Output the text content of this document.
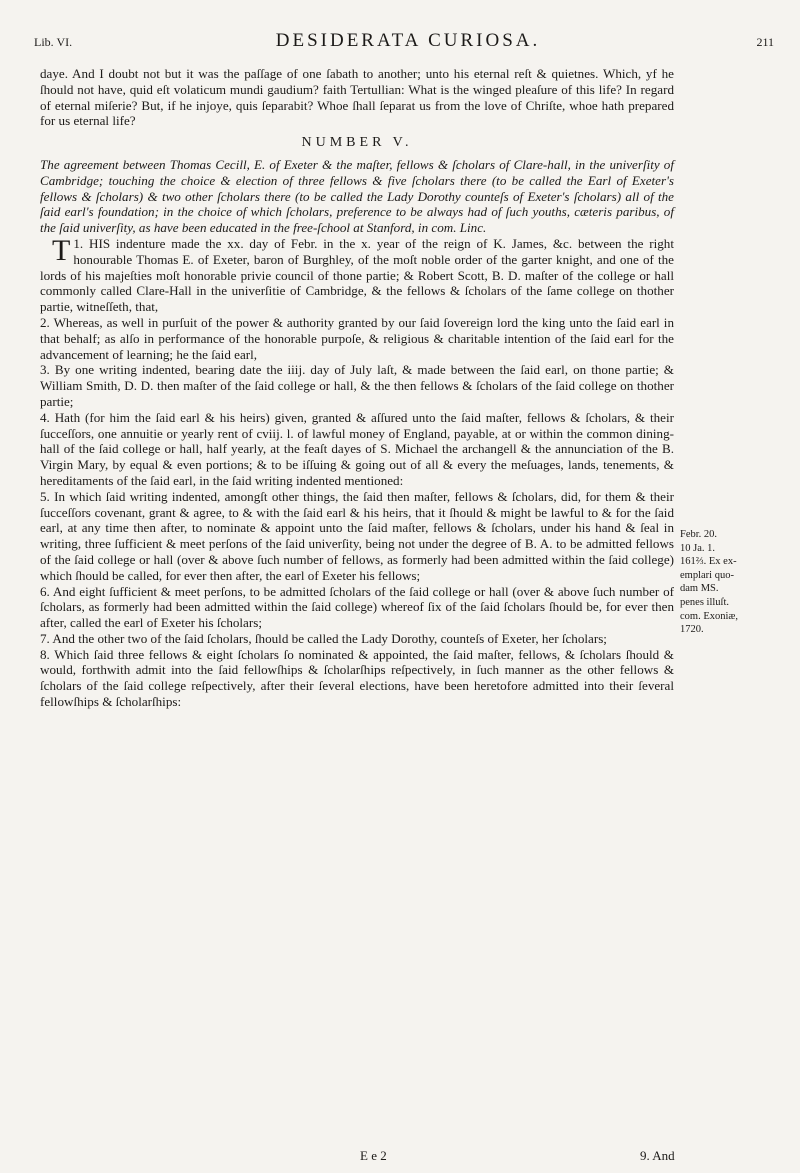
Lib. VI.	DESIDERATA CURIOSA.	211

daye. And I doubt not but it was the paſſage of one ſabath to another; unto his eternal reſt & quietnes. Which, yf he ſhould not have, quid eſt volaticum mundi gaudium? faith Tertullian: What is the winged pleaſure of this life? In regard of eternal miſerie? But, if he injoye, quis ſeparabit? Whoe ſhall ſeparat us from the love of Chriſte, whoe hath prepared for us eternal life?

NUMBER V.

The agreement between Thomas Cecill, E. of Exeter & the maſter, fellows & ſcholars of Clare-hall, in the univerſity of Cambridge; touching the choice & election of three fellows & five ſcholars there (to be called the Earl of Exeter's fellows & ſcholars) & two other ſcholars there (to be called the Lady Dorothy counteſs of Exeter's ſcholars) all of the ſaid earl's foundation; in the choice of which ſcholars, preference to be always had of ſuch youths, cæteris paribus, of the ſaid univerſity, as have been educated in the free-ſchool at Stanford, in com. Linc.

1.
T HIS indenture made the xx. day of Febr. in the x. year of the reign of K. James, &c. between the right honourable Thomas E. of Exeter, baron of Burghley, of the moſt noble order of the garter knight, and one of the lords of his majeſties moſt honorable privie council of thone partie; & Robert Scott, B. D. maſter of the college or hall commonly called Clare-Hall in the univerſitie of Cambridge, & the fellows & ſcholars of the ſame college on thother partie, witneſſeth, that,

2. Whereas, as well in purſuit of the power & authority granted by our ſaid ſovereign lord the king unto the ſaid earl in that behalf; as alſo in performance of the honorable purpoſe, & religious & charitable intention of the ſaid earl for the advancement of learning; he the ſaid earl,

3. By one writing indented, bearing date the iiij. day of July laſt, & made between the ſaid earl, on thone partie; & William Smith, D. D. then maſter of the ſaid college or hall, & the then fellows & ſcholars of the ſaid college on thother partie;

4. Hath (for him the ſaid earl & his heirs) given, granted & aſſured unto the ſaid maſter, fellows & ſcholars, & their ſucceſſors, one annuitie or yearly rent of cviij. l. of lawful money of England, payable, at or within the common dining-hall of the ſaid college or hall, half yearly, at the feaſt dayes of S. Michael the archangell & the annunciation of the B. Virgin Mary, by equal & even portions; & to be iſſuing & going out of all & every the meſuages, lands, tenements, & hereditaments of the ſaid earl, in the ſaid writing indented mentioned:

5. In which ſaid writing indented, amongſt other things, the ſaid then maſter, fellows & ſcholars, did, for them & their ſucceſſors covenant, grant & agree, to & with the ſaid earl & his heirs, that it ſhould & might be lawful to & for the ſaid earl, at any time then after, to nominate & appoint unto the ſaid maſter, fellows & ſcholars, under his hand & ſeal in writing, three ſufficient & meet perſons of the ſaid univerſity, being not under the degree of B. A. to be admitted fellows of the ſaid college or hall (over & above ſuch number of fellows, as formerly had been admitted within the ſaid college) which ſhould be called, for ever then after, the earl of Exeter his fellows;

6. And eight ſufficient & meet perſons, to be admitted ſcholars of the ſaid college or hall (over & above ſuch number of ſcholars, as formerly had been admitted within the ſaid college) whereof ſix of the ſaid ſcholars ſhould be, for ever then after, called the earl of Exeter his ſcholars;

7. And the other two of the ſaid ſcholars, ſhould be called the Lady Dorothy, counteſs of Exeter, her ſcholars;

8. Which ſaid three fellows & eight ſcholars ſo nominated & appointed, the ſaid maſter, fellows, & ſcholars ſhould & would, forthwith admit into the ſaid fellowſhips & ſcholarſhips reſpectively, in ſuch manner as the other fellows & ſcholars of the ſaid college reſpectively, after their ſeveral elections, have been heretofore admitted into their ſeveral fellowſhips & ſcholarſhips:

Febr. 20.
10 Ja. 1.
161⅔. Ex ex-
emplari quo-
dam MS.
penes illuſt.
com. Exoniæ,
1720.
E e 2	9. And
